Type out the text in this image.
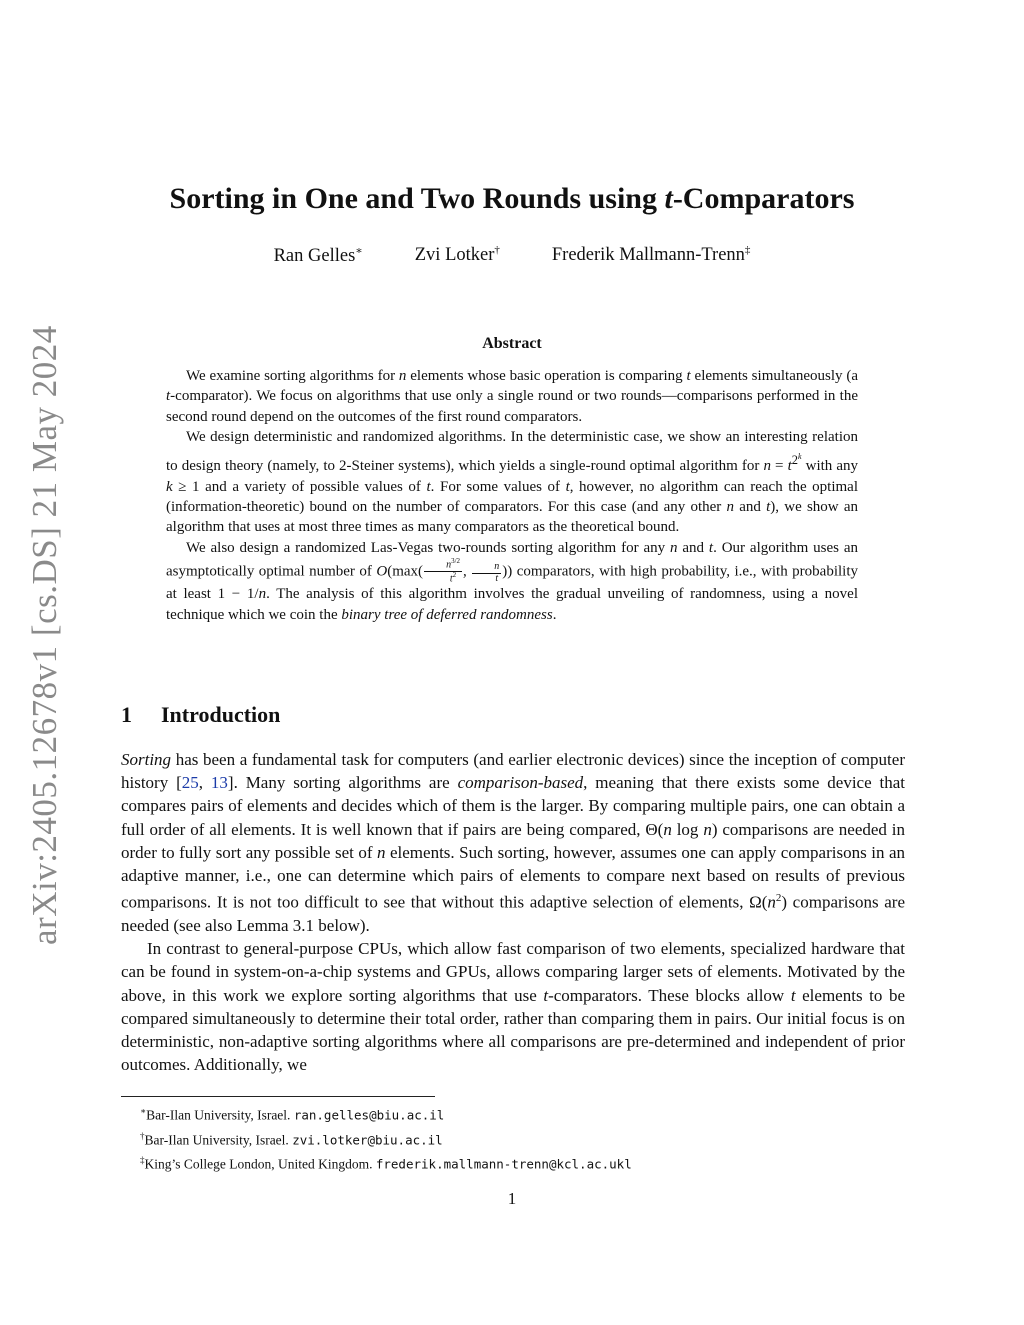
arXiv:2405.12678v1 [cs.DS] 21 May 2024
Sorting in One and Two Rounds using t-Comparators
Ran Gelles∗	Zvi Lotker†	Frederik Mallmann-Trenn‡
Abstract

We examine sorting algorithms for n elements whose basic operation is comparing t elements simultaneously (a t-comparator). We focus on algorithms that use only a single round or two rounds—comparisons performed in the second round depend on the outcomes of the first round comparators.

We design deterministic and randomized algorithms. In the deterministic case, we show an interesting relation to design theory (namely, to 2-Steiner systems), which yields a single-round optimal algorithm for $n = t^{2^k}$ with any k ≥ 1 and a variety of possible values of t. For some values of t, however, no algorithm can reach the optimal (information-theoretic) bound on the number of comparators. For this case (and any other n and t), we show an algorithm that uses at most three times as many comparators as the theoretical bound.

We also design a randomized Las-Vegas two-rounds sorting algorithm for any n and t. Our algorithm uses an asymptotically optimal number of $O(\max( \frac{n^{3/2}}{t^2}$ , $\frac{n}{t}$ )) comparators, with high probability, i.e., with probability at least 1 − 1/n. The analysis of this algorithm involves the gradual unveiling of randomness, using a novel technique which we coin the binary tree of deferred randomness.

1 Introduction

Sorting has been a fundamental task for computers (and earlier electronic devices) since the inception of computer history [25, 13]. Many sorting algorithms are comparison-based, meaning that there exists some device that compares pairs of elements and decides which of them is the larger. By comparing multiple pairs, one can obtain a full order of all elements. It is well known that if pairs are being compared, Θ(n log n) comparisons are needed in order to fully sort any possible set of n elements. Such sorting, however, assumes one can apply comparisons in an adaptive manner, i.e., one can determine which pairs of elements to compare next based on results of previous comparisons. It is not too difficult to see that without this adaptive selection of elements, $\Omega(n^2)$ comparisons are needed (see also Lemma 3.1 below).

In contrast to general-purpose CPUs, which allow fast comparison of two elements, specialized hardware that can be found in system-on-a-chip systems and GPUs, allows comparing larger sets of elements. Motivated by the above, in this work we explore sorting algorithms that use t-comparators. These blocks allow t elements to be compared simultaneously to determine their total order, rather than comparing them in pairs. Our initial focus is on deterministic, non-adaptive sorting algorithms where all comparisons are pre-determined and independent of prior outcomes. Additionally, we

∗Bar-Ilan University, Israel. ran.gelles@biu.ac.il
†Bar-Ilan University, Israel. zvi.lotker@biu.ac.il
‡King’s College London, United Kingdom. frederik.mallmann-trenn@kcl.ac.ukl
1
